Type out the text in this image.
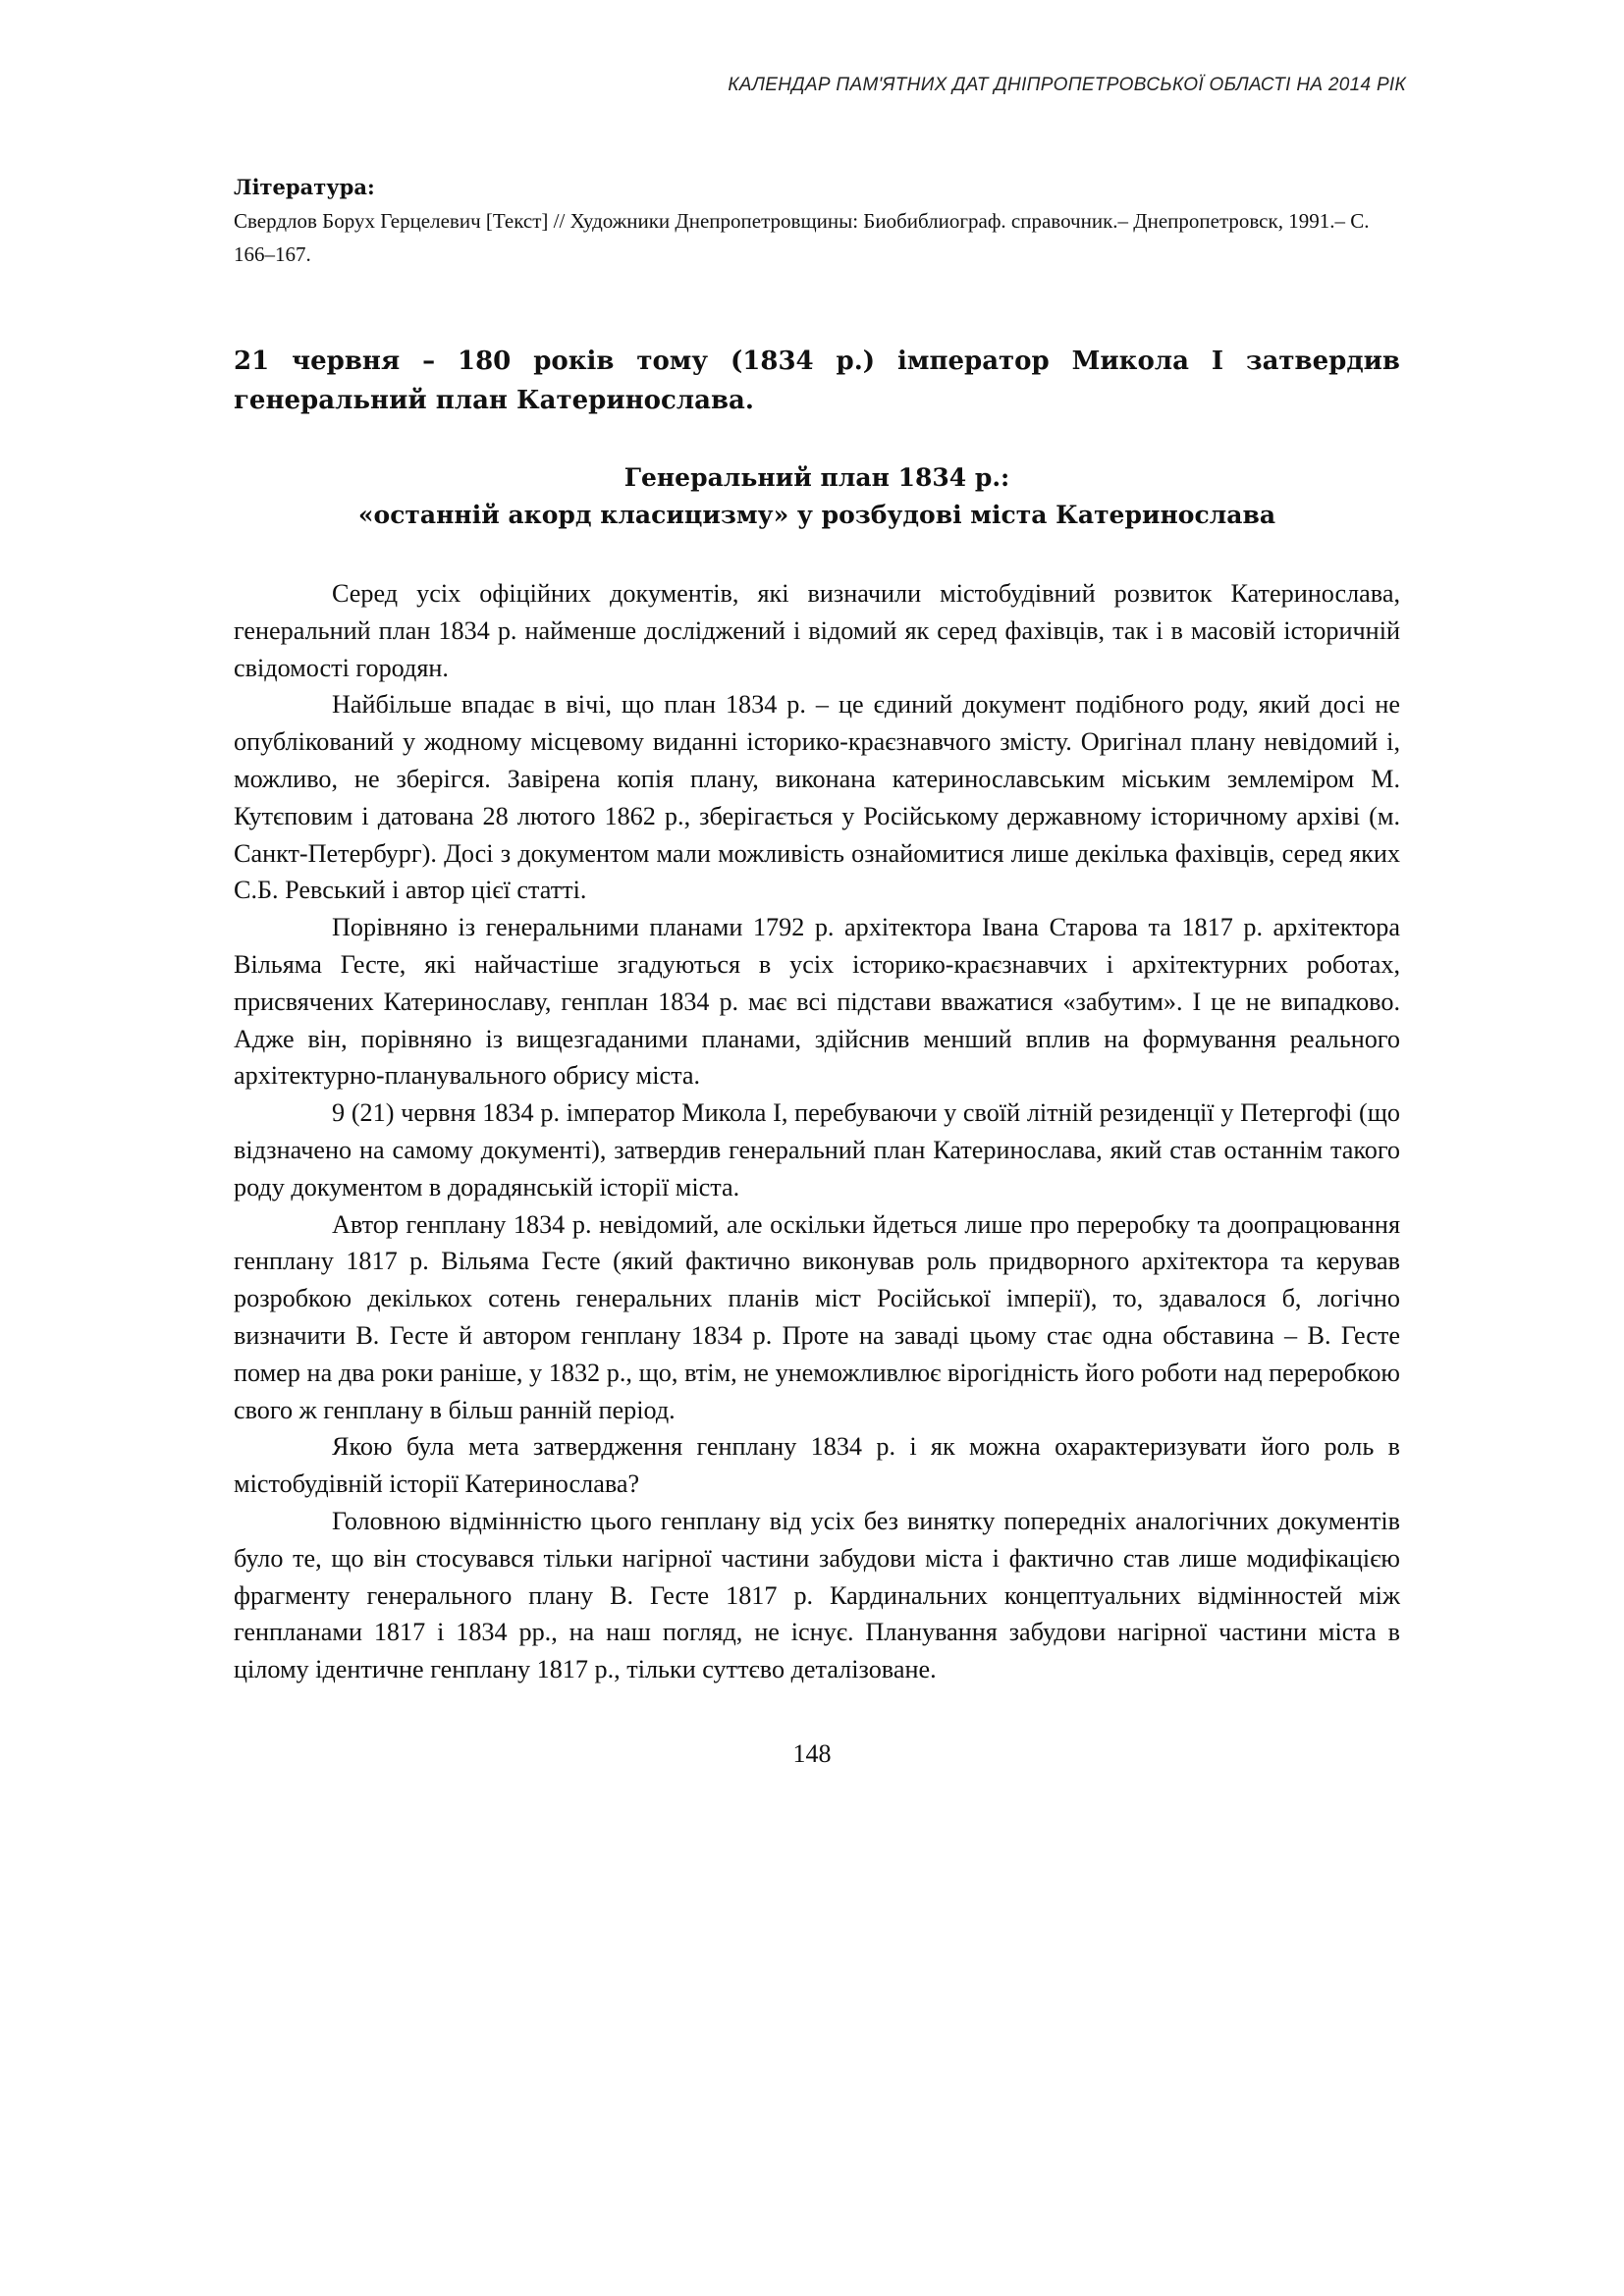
КАЛЕНДАР ПАМ'ЯТНИХ ДАТ ДНІПРОПЕТРОВСЬКОЇ ОБЛАСТІ НА 2014 РІК

Література:

Свердлов Борух Герцелевич [Текст] // Художники Днепропетровщины: Биобиблиограф. справочник.– Днепропетровск, 1991.– С. 166–167.

21 червня – 180 років тому (1834 р.) імператор Микола І затвердив генеральний план Катеринослава.
Генеральний план 1834 р.:
«останній акорд класицизму» у розбудові міста Катеринослава

Серед усіх офіційних документів, які визначили містобудівний розвиток Катеринослава, генеральний план 1834 р. найменше досліджений і відомий як серед фахівців, так і в масовій історичній свідомості городян.

Найбільше впадає в вічі, що план 1834 р. – це єдиний документ подібного роду, який досі не опублікований у жодному місцевому виданні історико-краєзнавчого змісту. Оригінал плану невідомий і, можливо, не зберігся. Завірена копія плану, виконана катеринославським міським землеміром М. Кутєповим і датована 28 лютого 1862 р., зберігається у Російському державному історичному архіві (м. Санкт-Петербург). Досі з документом мали можливість ознайомитися лише декілька фахівців, серед яких С.Б. Ревський і автор цієї статті.

Порівняно із генеральними планами 1792 р. архітектора Івана Старова та 1817 р. архітектора Вільяма Гесте, які найчастіше згадуються в усіх історико-краєзнавчих і архітектурних роботах, присвячених Катеринославу, генплан 1834 р. має всі підстави вважатися «забутим». І це не випадково. Адже він, порівняно із вищезгаданими планами, здійснив менший вплив на формування реального архітектурно-планувального обрису міста.

9 (21) червня 1834 р. імператор Микола І, перебуваючи у своїй літній резиденції у Петергофі (що відзначено на самому документі), затвердив генеральний план Катеринослава, який став останнім такого роду документом в дорадянській історії міста.

Автор генплану 1834 р. невідомий, але оскільки йдеться лише про переробку та доопрацювання генплану 1817 р. Вільяма Гесте (який фактично виконував роль придворного архітектора та керував розробкою декількох сотень генеральних планів міст Російської імперії), то, здавалося б, логічно визначити В. Гесте й автором генплану 1834 р. Проте на заваді цьому стає одна обставина – В. Гесте помер на два роки раніше, у 1832 р., що, втім, не унеможливлює вірогідність його роботи над переробкою свого ж генплану в більш ранній період.

Якою була мета затвердження генплану 1834 р. і як можна охарактеризувати його роль в містобудівній історії Катеринослава?

Головною відмінністю цього генплану від усіх без винятку попередніх аналогічних документів було те, що він стосувався тільки нагірної частини забудови міста і фактично став лише модифікацією фрагменту генерального плану В. Гесте 1817 р. Кардинальних концептуальних відмінностей між генпланами 1817 і 1834 рр., на наш погляд, не існує. Планування забудови нагірної частини міста в цілому ідентичне генплану 1817 р., тільки суттєво деталізоване.

148
